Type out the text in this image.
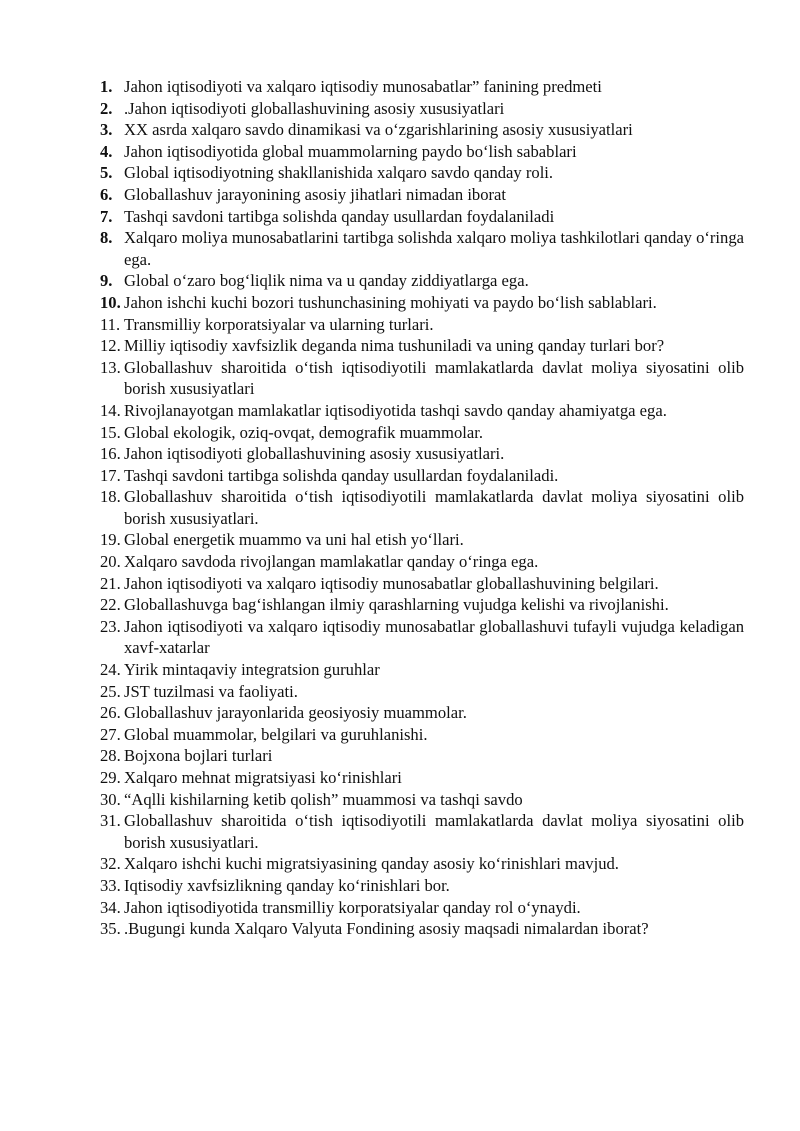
1. Jahon iqtisodiyoti va xalqaro iqtisodiy munosabatlar” fanining predmeti
2. .Jahon iqtisodiyoti globallashuvining asosiy xususiyatlari
3. XX asrda xalqaro savdo dinamikasi va o‘zgarishlarining asosiy xususiyatlari
4. Jahon iqtisodiyotida global muammolarning paydo bo‘lish sabablari
5. Global iqtisodiyotning shakllanishida xalqaro savdo qanday roli.
6. Globallashuv jarayonining asosiy jihatlari nimadan iborat
7. Tashqi savdoni tartibga solishda qanday usullardan foydalaniladi
8. Xalqaro moliya munosabatlarini tartibga solishda xalqaro moliya tashkilotlari qanday o‘ringa ega.
9. Global o‘zaro bog‘liqlik nima va u qanday ziddiyatlarga ega.
10. Jahon ishchi kuchi bozori tushunchasining mohiyati va paydo bo‘lish sablablari.
11. Transmilliy korporatsiyalar va ularning turlari.
12. Milliy iqtisodiy xavfsizlik deganda nima tushuniladi va uning qanday turlari bor?
13. Globallashuv sharoitida o‘tish iqtisodiyotili mamlakatlarda davlat moliya siyosatini olib borish xususiyatlari
14. Rivojlanayotgan mamlakatlar iqtisodiyotida tashqi savdo qanday ahamiyatga ega.
15. Global ekologik, oziq-ovqat, demografik muammolar.
16. Jahon iqtisodiyoti globallashuvining asosiy xususiyatlari.
17. Tashqi savdoni tartibga solishda qanday usullardan foydalaniladi.
18. Globallashuv sharoitida o‘tish iqtisodiyotili mamlakatlarda davlat moliya siyosatini olib borish xususiyatlari.
19. Global energetik muammo va uni hal etish yo‘llari.
20. Xalqaro savdoda rivojlangan mamlakatlar qanday o‘ringa ega.
21. Jahon iqtisodiyoti va xalqaro iqtisodiy munosabatlar globallashuvining belgilari.
22. Globallashuvga bag‘ishlangan ilmiy qarashlarning vujudga kelishi va rivojlanishi.
23. Jahon iqtisodiyoti va xalqaro iqtisodiy munosabatlar globallashuvi tufayli vujudga keladigan xavf-xatarlar
24. Yirik mintaqaviy integratsion guruhlar
25. JST tuzilmasi va faoliyati.
26. Globallashuv jarayonlarida geosiyosiy muammolar.
27. Global muammolar, belgilari va guruhlanishi.
28. Bojxona bojlari turlari
29. Xalqaro mehnat migratsiyasi ko‘rinishlari
30. “Aqlli kishilarning ketib qolish” muammosi va tashqi savdo
31. Globallashuv sharoitida o‘tish iqtisodiyotili mamlakatlarda davlat moliya siyosatini olib borish xususiyatlari.
32. Xalqaro ishchi kuchi migratsiyasining qanday asosiy ko‘rinishlari mavjud.
33. Iqtisodiy xavfsizlikning qanday ko‘rinishlari bor.
34. Jahon iqtisodiyotida transmilliy korporatsiyalar qanday rol o‘ynaydi.
35. .Bugungi kunda Xalqaro Valyuta Fondining asosiy maqsadi nimalardan iborat?
